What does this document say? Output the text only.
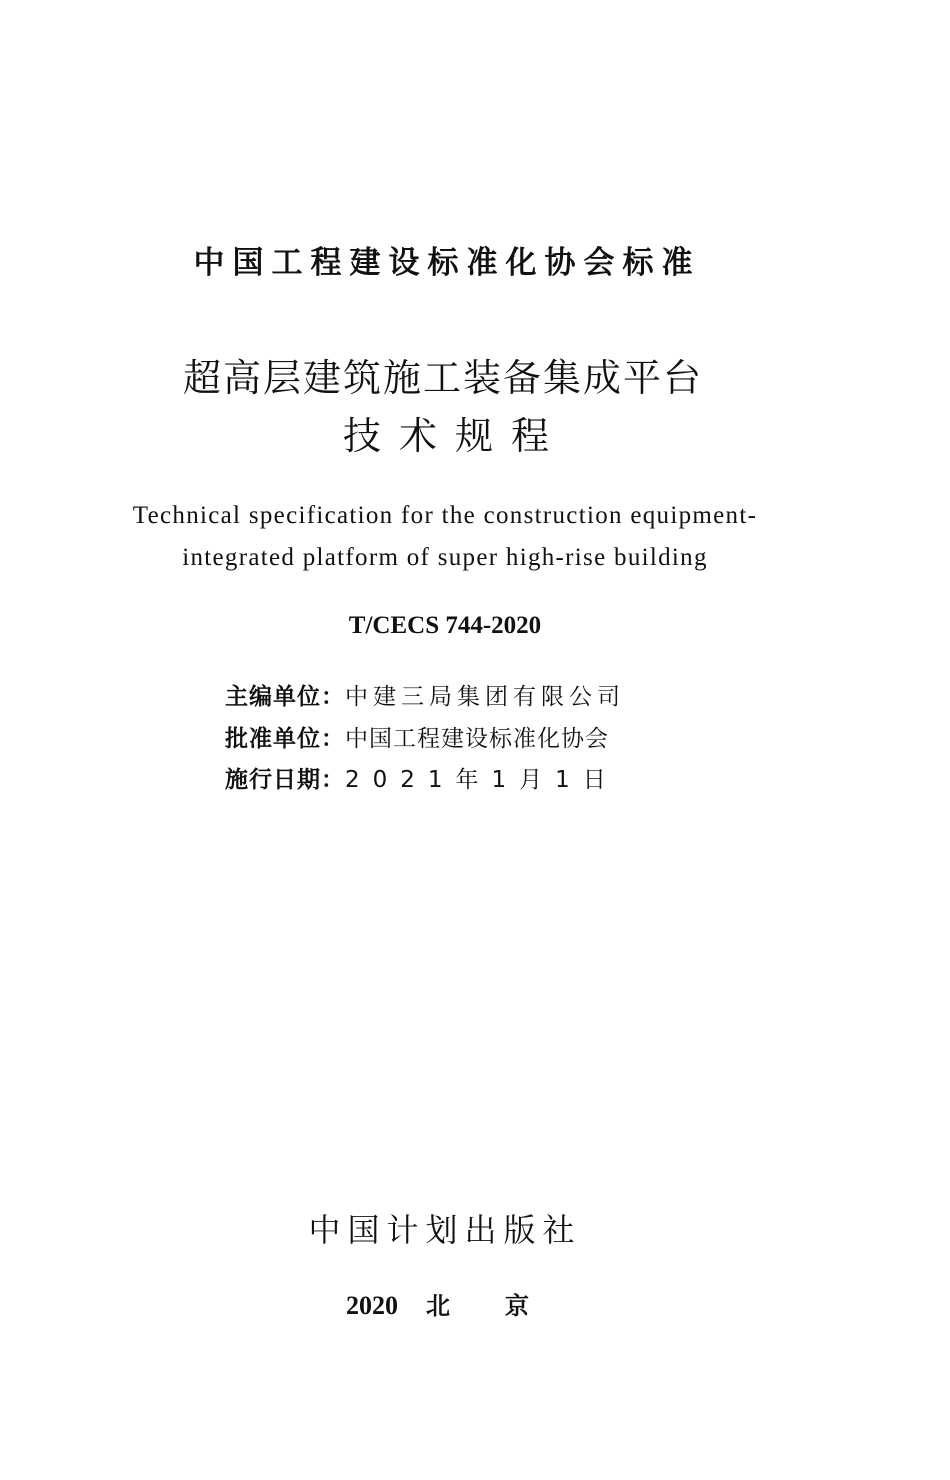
中国工程建设标准化协会标准
超高层建筑施工装备集成平台
技术规程
Technical specification for the construction equipment-
integrated platform of super high-rise building
T/CECS 744-2020
主编单位：中建三局集团有限公司
批准单位：中国工程建设标准化协会
施行日期：2021年1月1日
中国计划出版社
2020 北京
